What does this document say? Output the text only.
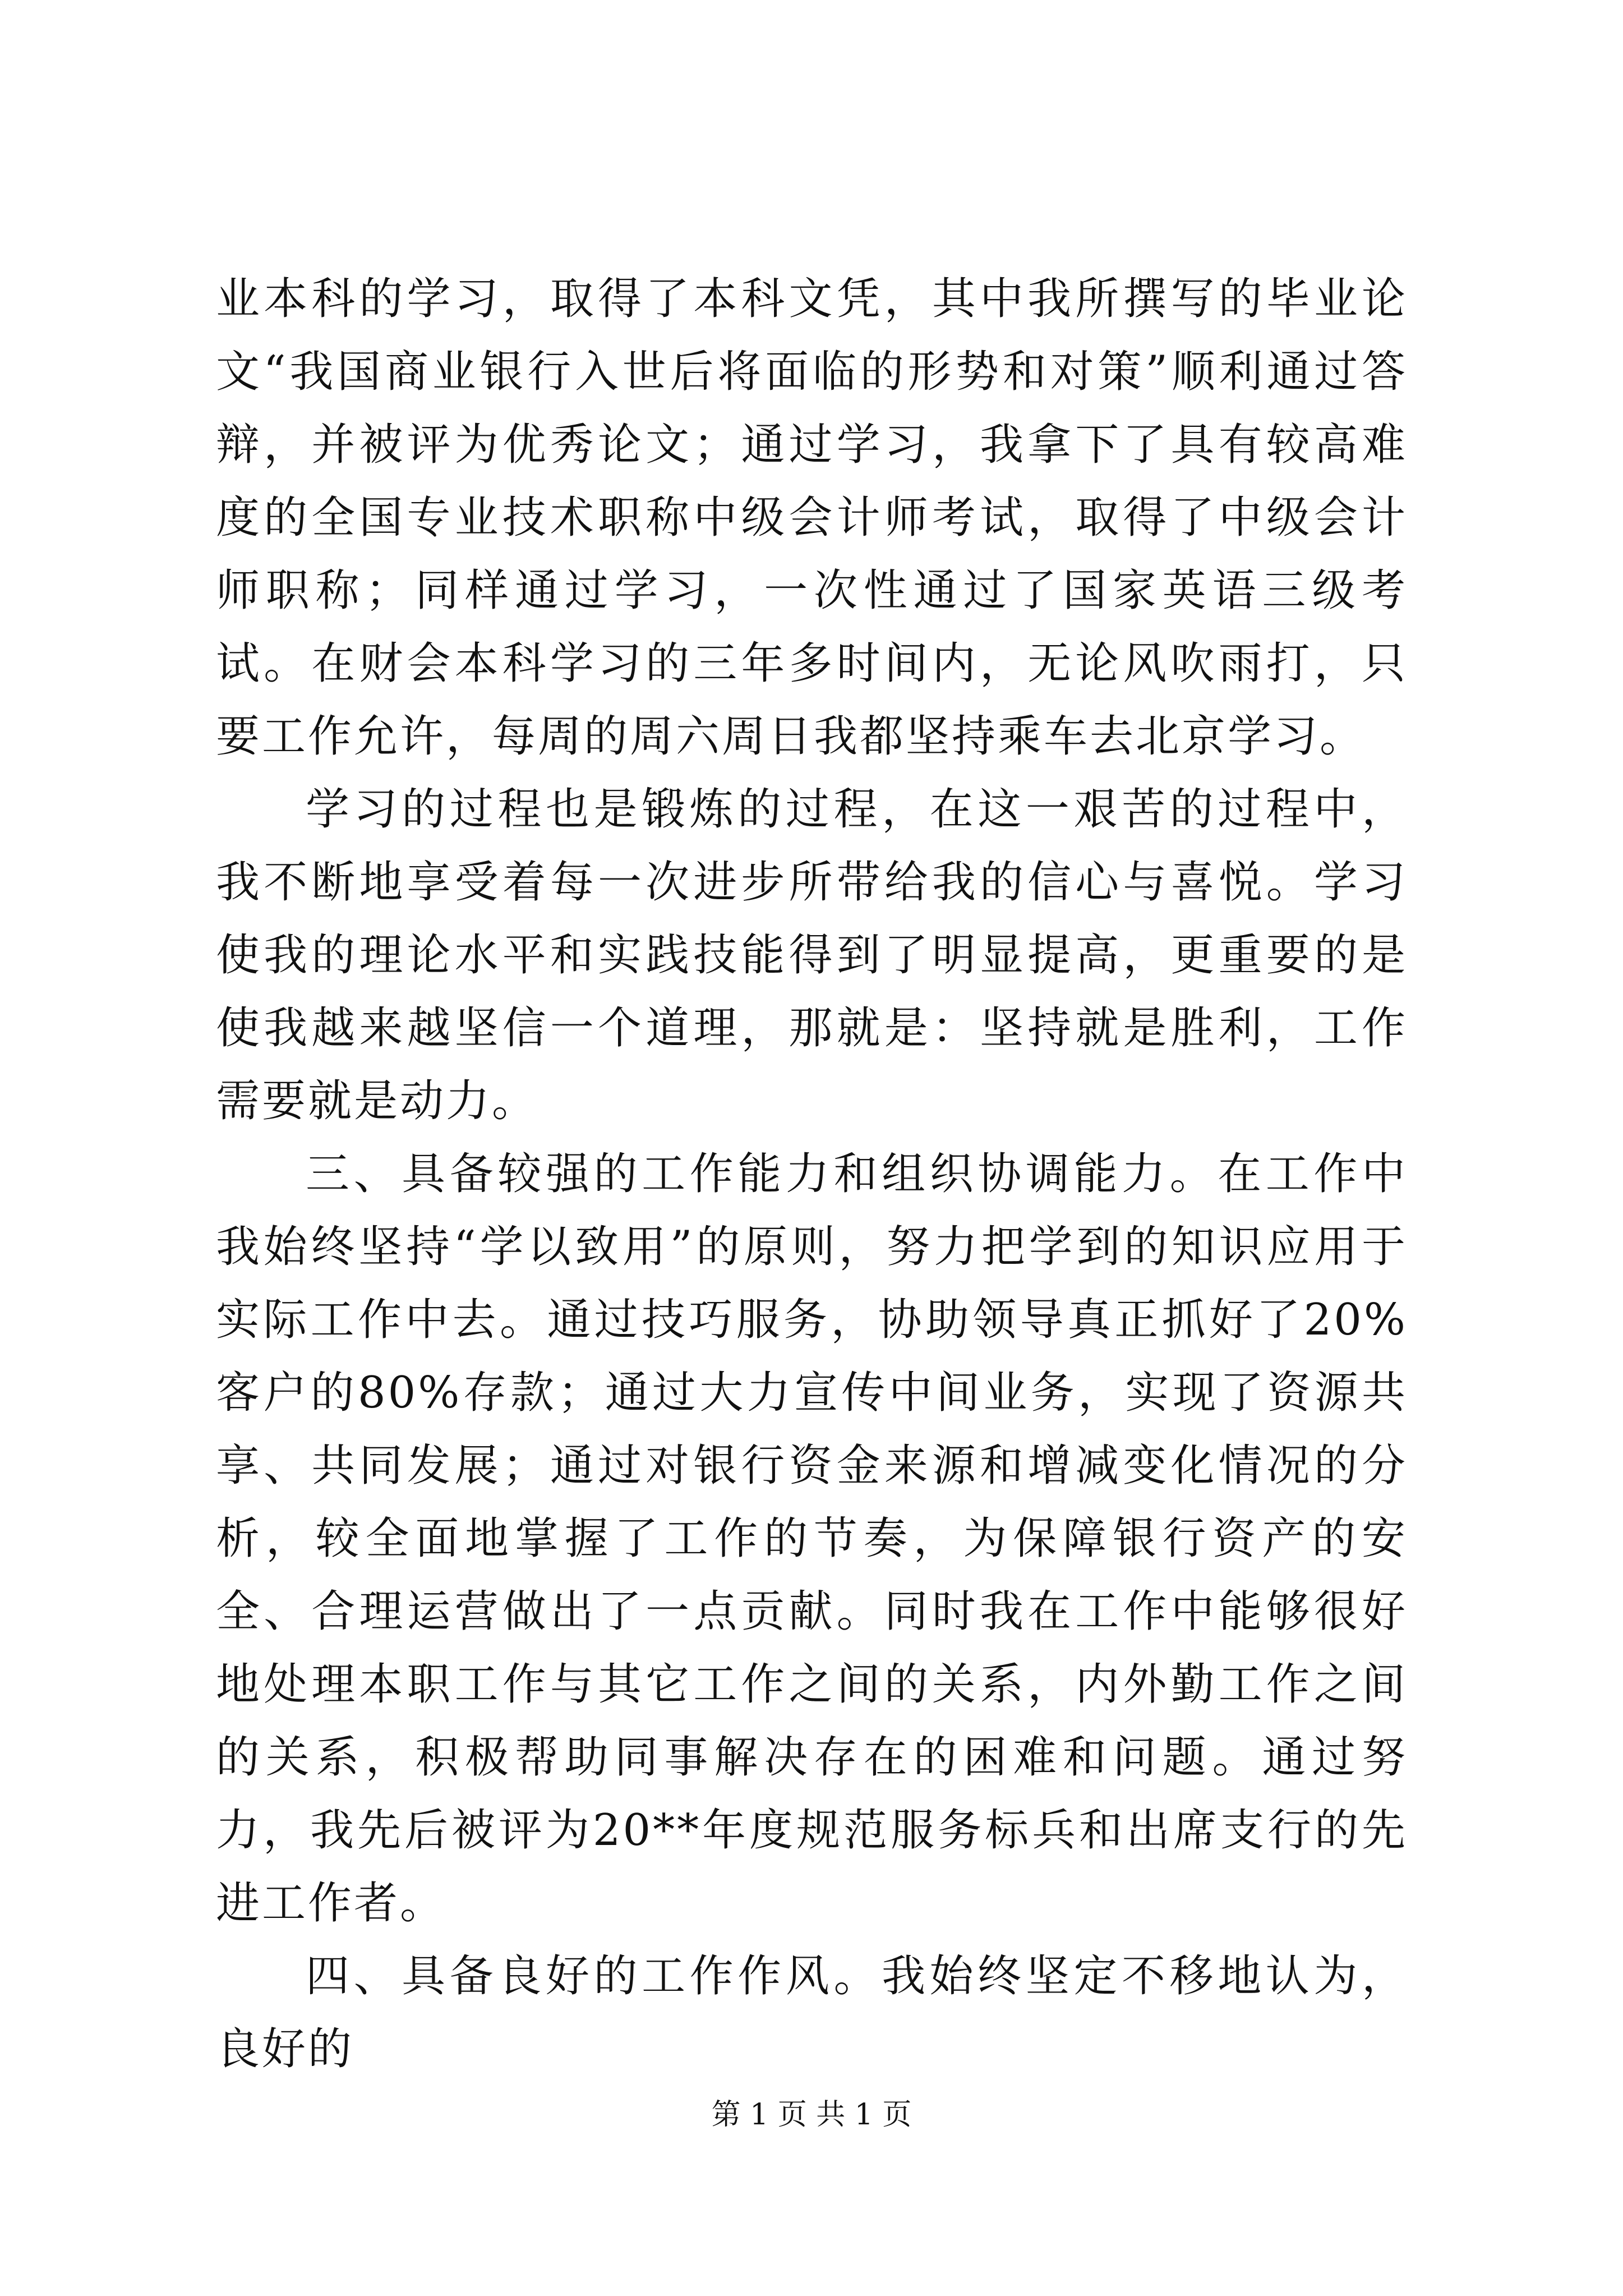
业本科的学习，取得了本科文凭，其中我所撰写的毕业论文“我国商业银行入世后将面临的形势和对策”顺利通过答辩，并被评为优秀论文；通过学习，我拿下了具有较高难度的全国专业技术职称中级会计师考试，取得了中级会计师职称；同样通过学习，一次性通过了国家英语三级考试。在财会本科学习的三年多时间内，无论风吹雨打，只要工作允许，每周的周六周日我都坚持乘车去北京学习。

学习的过程也是锻炼的过程，在这一艰苦的过程中，我不断地享受着每一次进步所带给我的信心与喜悦。学习使我的理论水平和实践技能得到了明显提高，更重要的是使我越来越坚信一个道理，那就是：坚持就是胜利，工作需要就是动力。

三、具备较强的工作能力和组织协调能力。在工作中我始终坚持“学以致用”的原则，努力把学到的知识应用于实际工作中去。通过技巧服务，协助领导真正抓好了20%客户的80%存款；通过大力宣传中间业务，实现了资源共享、共同发展；通过对银行资金来源和增减变化情况的分析，较全面地掌握了工作的节奏，为保障银行资产的安全、合理运营做出了一点贡献。同时我在工作中能够很好地处理本职工作与其它工作之间的关系，内外勤工作之间的关系，积极帮助同事解决存在的困难和问题。通过努力，我先后被评为20**年度规范服务标兵和出席支行的先进工作者。

四、具备良好的工作作风。我始终坚定不移地认为，良好的

第 1 页 共 1 页
